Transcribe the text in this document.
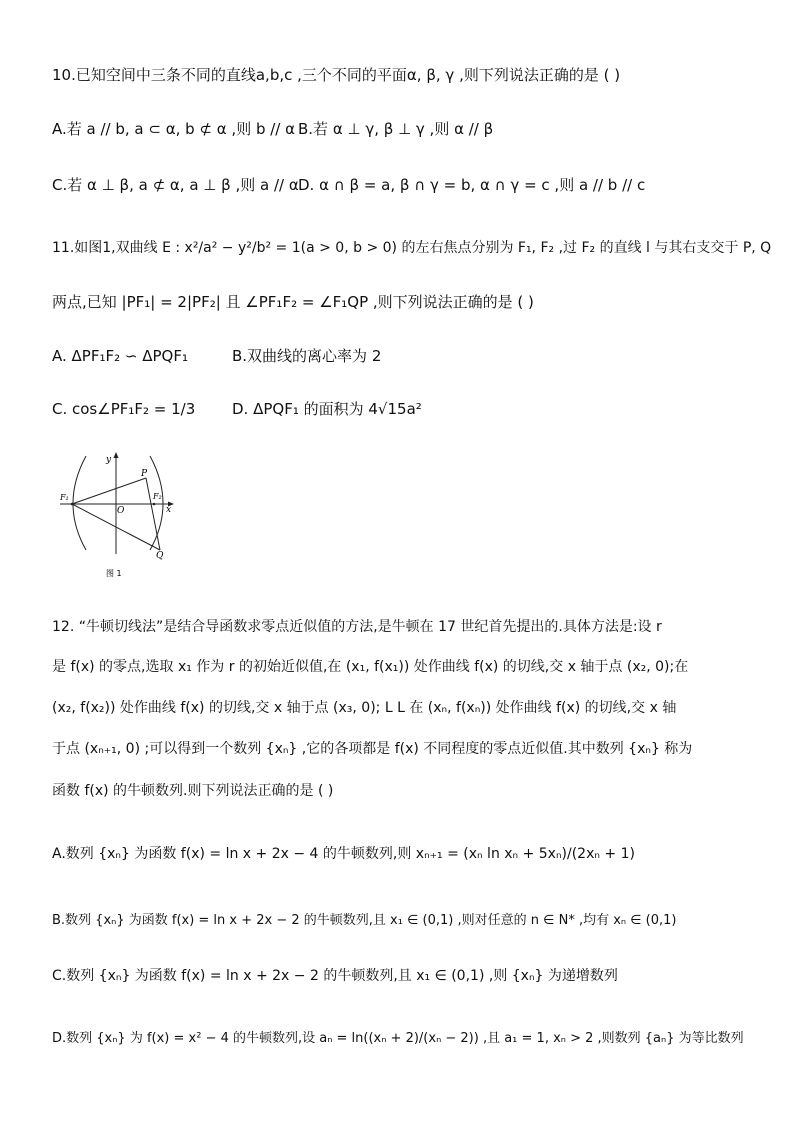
10.已知空间中三条不同的直线a,b,c ,三个不同的平面α, β, γ ,则下列说法正确的是 ( )
A.若 a // b, a ⊂ α, b ⊄ α ,则 b // α B.若 α ⊥ γ, β ⊥ γ ,则 α // β
C.若 α ⊥ β, a ⊄ α, a ⊥ β ,则 a // α D. α ∩ β = a, β ∩ γ = b, α ∩ γ = c ,则 a // b // c
11.如图1,双曲线 E : x²/a² − y²/b² = 1(a > 0, b > 0) 的左右焦点分别为 F₁, F₂ ,过 F₂ 的直线 l 与其右支交于 P, Q
两点,已知 |PF₁| = 2|PF₂| 且 ∠PF₁F₂ = ∠F₁QP ,则下列说法正确的是 ( )
A. ΔPF₁F₂ ∽ ΔPQF₁	B.双曲线的离心率为 2
C. cos∠PF₁F₂ = 1/3 D. ΔPQF₁ 的面积为 4√15a²
y
x
O
P
Q
F₁	F₂
图 1
12. “牛顿切线法”是结合导函数求零点近似值的方法,是牛顿在 17 世纪首先提出的.具体方法是:设 r
是 f(x) 的零点,选取 x₁ 作为 r 的初始近似值,在 (x₁, f(x₁)) 处作曲线 f(x) 的切线,交 x 轴于点 (x₂, 0);在
(x₂, f(x₂)) 处作曲线 f(x) 的切线,交 x 轴于点 (x₃, 0); L L 在 (xₙ, f(xₙ)) 处作曲线 f(x) 的切线,交 x 轴
于点 (xₙ₊₁, 0) ;可以得到一个数列 {xₙ} ,它的各项都是 f(x) 不同程度的零点近似值.其中数列 {xₙ} 称为
函数 f(x) 的牛顿数列.则下列说法正确的是 ( )
A.数列 {xₙ} 为函数 f(x) = ln x + 2x − 4 的牛顿数列,则 xₙ₊₁ = (xₙ ln xₙ + 5xₙ)/(2xₙ + 1)
B.数列 {xₙ} 为函数 f(x) = ln x + 2x − 2 的牛顿数列,且 x₁ ∈ (0,1) ,则对任意的 n ∈ N* ,均有 xₙ ∈ (0,1)
C.数列 {xₙ} 为函数 f(x) = ln x + 2x − 2 的牛顿数列,且 x₁ ∈ (0,1) ,则 {xₙ} 为递增数列
D.数列 {xₙ} 为 f(x) = x² − 4 的牛顿数列,设 aₙ = ln((xₙ + 2)/(xₙ − 2)) ,且 a₁ = 1, xₙ > 2 ,则数列 {aₙ} 为等比数列
